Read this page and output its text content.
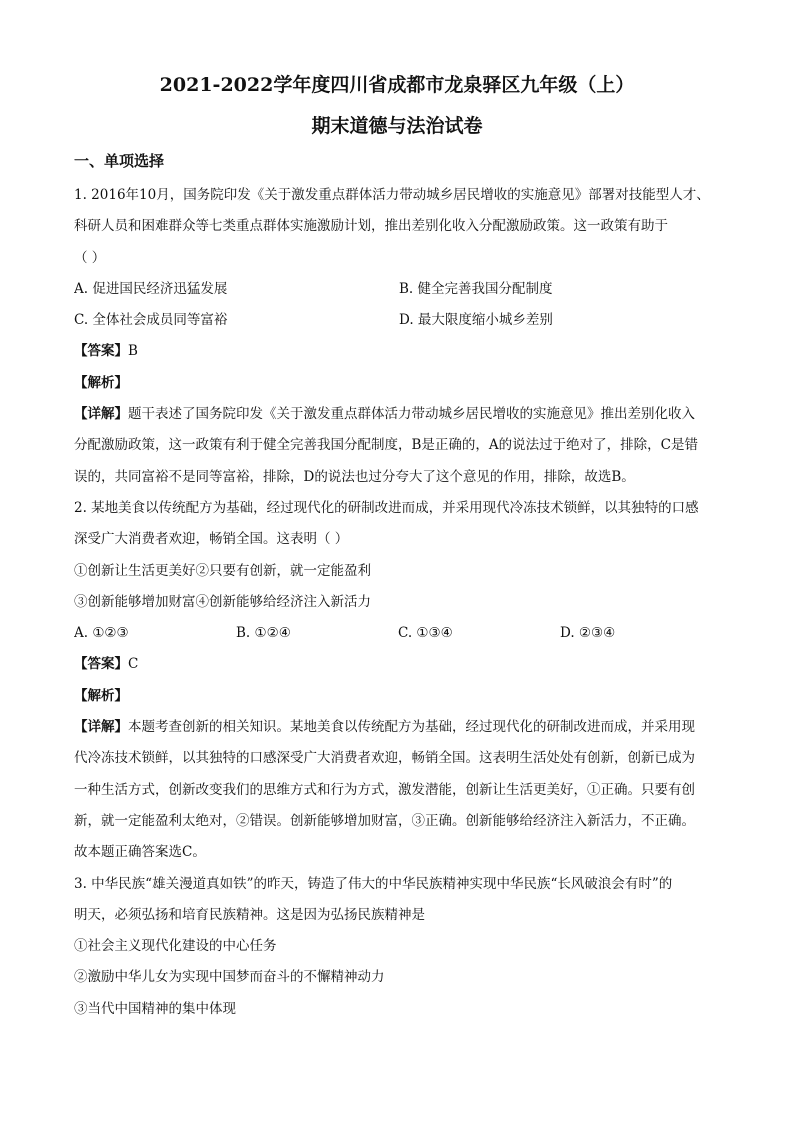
2021-2022学年度四川省成都市龙泉驿区九年级（上）
期末道德与法治试卷
一、单项选择
1. 2016年10月，国务院印发《关于激发重点群体活力带动城乡居民增收的实施意见》部署对技能型人才、
科研人员和困难群众等七类重点群体实施激励计划，推出差别化收入分配激励政策。这一政策有助于
（ ）
A. 促进国民经济迅猛发展	B. 健全完善我国分配制度
C. 全体社会成员同等富裕	D. 最大限度缩小城乡差别
【答案】B
【解析】
【详解】题干表述了国务院印发《关于激发重点群体活力带动城乡居民增收的实施意见》推出差别化收入
分配激励政策，这一政策有利于健全完善我国分配制度，B是正确的，A的说法过于绝对了，排除，C是错
误的，共同富裕不是同等富裕，排除，D的说法也过分夸大了这个意见的作用，排除，故选B。
2. 某地美食以传统配方为基础，经过现代化的研制改进而成，并采用现代冷冻技术锁鲜，以其独特的口感
深受广大消费者欢迎，畅销全国。这表明（ ）
①创新让生活更美好②只要有创新，就一定能盈利
③创新能够增加财富④创新能够给经济注入新活力
A. ①②③	B. ①②④	C. ①③④	D. ②③④
【答案】C
【解析】
【详解】本题考查创新的相关知识。某地美食以传统配方为基础，经过现代化的研制改进而成，并采用现
代冷冻技术锁鲜，以其独特的口感深受广大消费者欢迎，畅销全国。这表明生活处处有创新，创新已成为
一种生活方式，创新改变我们的思维方式和行为方式，激发潜能，创新让生活更美好，①正确。只要有创
新，就一定能盈利太绝对，②错误。创新能够增加财富，③正确。创新能够给经济注入新活力，不正确。
故本题正确答案选C。
3. 中华民族“雄关漫道真如铁”的昨天，铸造了伟大的中华民族精神实现中华民族“长风破浪会有时”的
明天，必须弘扬和培育民族精神。这是因为弘扬民族精神是
①社会主义现代化建设的中心任务
②激励中华儿女为实现中国梦而奋斗的不懈精神动力
③当代中国精神的集中体现
